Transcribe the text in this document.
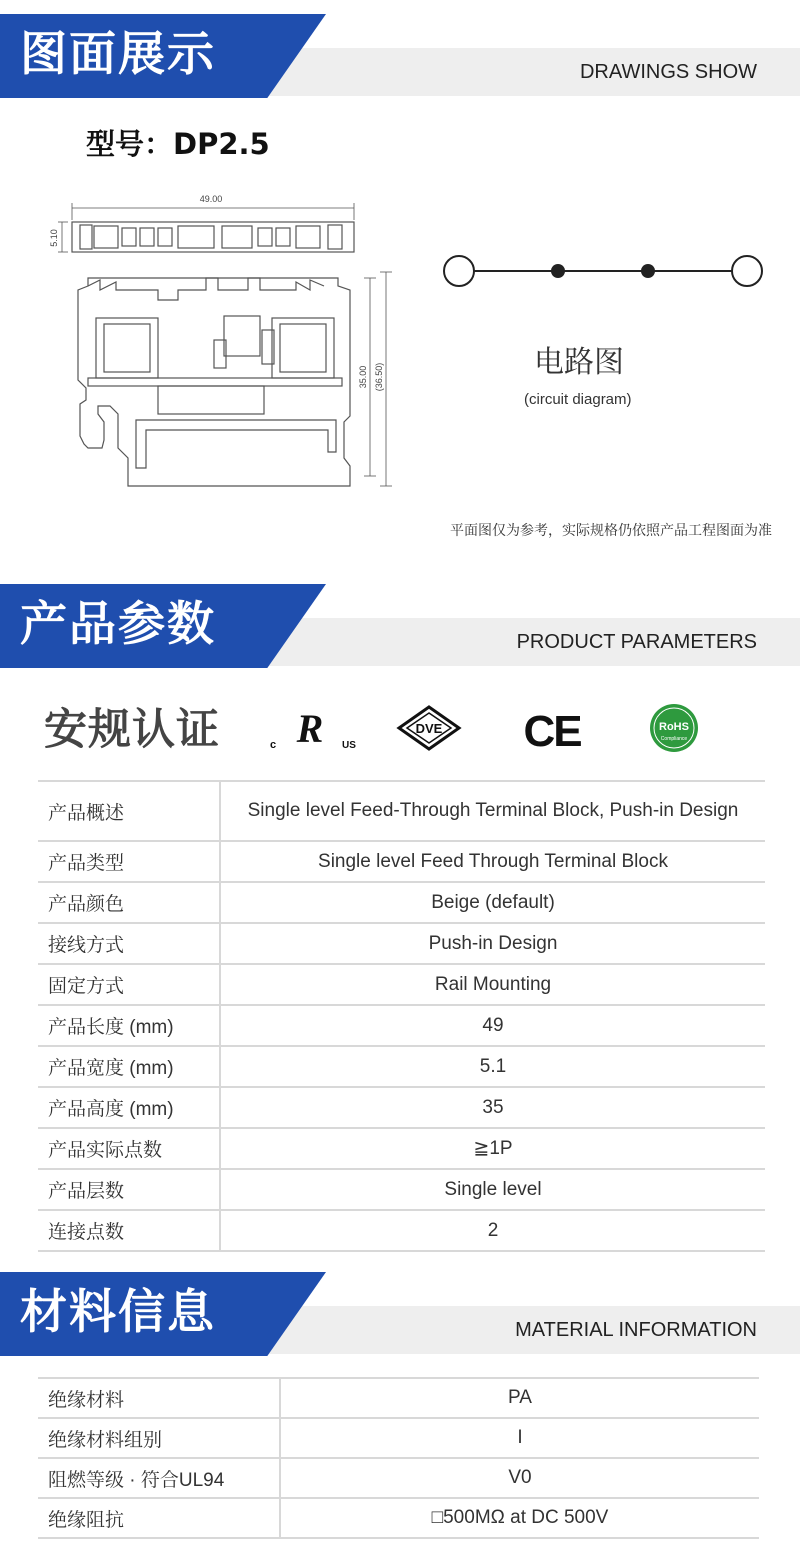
图面展示	DRAWINGS SHOW
型号：DP2.5
49.00
5.10
35.00 (36.50)	电路图
(circuit diagram)
平面图仅为参考，实际规格仍依照产品工程图面为准
产品参数	PRODUCT PARAMETERS
安规认证 R
c	US
DVE CE	RoHS
Compliance
产品概述	Single level Feed-Through Terminal Block, Push-in Design
产品类型	Single level Feed Through Terminal Block
产品颜色	Beige (default)
接线方式	Push-in Design
固定方式	Rail Mounting
产品长度 (mm)	49
产品宽度 (mm)	5.1
产品高度 (mm)	35
产品实际点数	≧1P
产品层数	Single level
连接点数	2
材料信息	MATERIAL INFORMATION
绝缘材料	PA
绝缘材料组别	I
阻燃等级 · 符合UL94	V0
绝缘阻抗	□500MΩ at DC 500V
